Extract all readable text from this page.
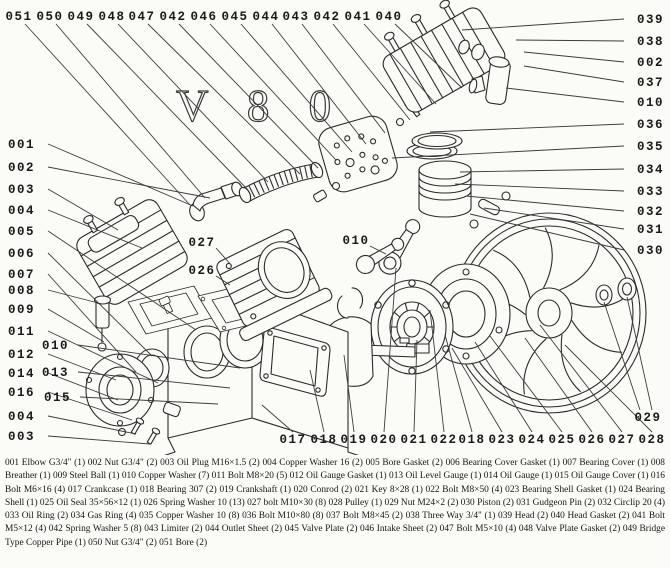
V 8 0
051 050 049 048 047 042 046 045 044 043 042 041 040	039
038
002
037
010
036
035
034
033
032
031
030
001
002
003
004
005
006
007
008
009
011
012
014
016
004
003
010
013
015
027
026
010
017 018 019 020 021 022 018 023 024 025 026 027 028
029

001 Elbow G3/4" (1) 002 Nut G3/4" (2) 003 Oil Plug M16×1.5 (2) 004 Copper Washer 16 (2) 005 Bore Gasket (2) 006 Bearing Cover Gasket (1) 007 Bearing Cover (1) 008 Breather (1) 009 Steel Ball (1) 010 Copper Washer (7) 011 Bolt M8×20 (5) 012 Oil Gauge Gasket (1) 013 Oil Level Gauge (1) 014 Oil Gauge (1) 015 Oil Gauge Cover (1) 016 Bolt M6×16 (4) 017 Crankcase (1) 018 Bearing 307 (2) 019 Crankshaft (1) 020 Conrod (2) 021 Key 8×28 (1) 022 Bolt M8×50 (4) 023 Bearing Shell Gasket (1) 024 Bearing Shell (1) 025 Oil Seal 35×56×12 (1) 026 Spring Washer 10 (13) 027 bolt M10×30 (8) 028 Pulley (1) 029 Nut M24×2 (2) 030 Piston (2) 031 Gudgeon Pin (2) 032 Circlip 20 (4) 033 Oil Ring (2) 034 Gas Ring (4) 035 Copper Washer 10 (8) 036 Bolt M10×80 (8) 037 Bolt M8×45 (2) 038 Three Way 3/4" (1) 039 Head (2) 040 Head Gasket (2) 041 Bolt M5×12 (4) 042 Spring Washer 5 (8) 043 Limiter (2) 044 Outlet Sheet (2) 045 Valve Plate (2) 046 Intake Sheet (2) 047 Bolt M5×10 (4) 048 Valve Plate Gasket (2) 049 Bridge Type Copper Pipe (1) 050 Nut G3/4" (2) 051 Bore (2)
